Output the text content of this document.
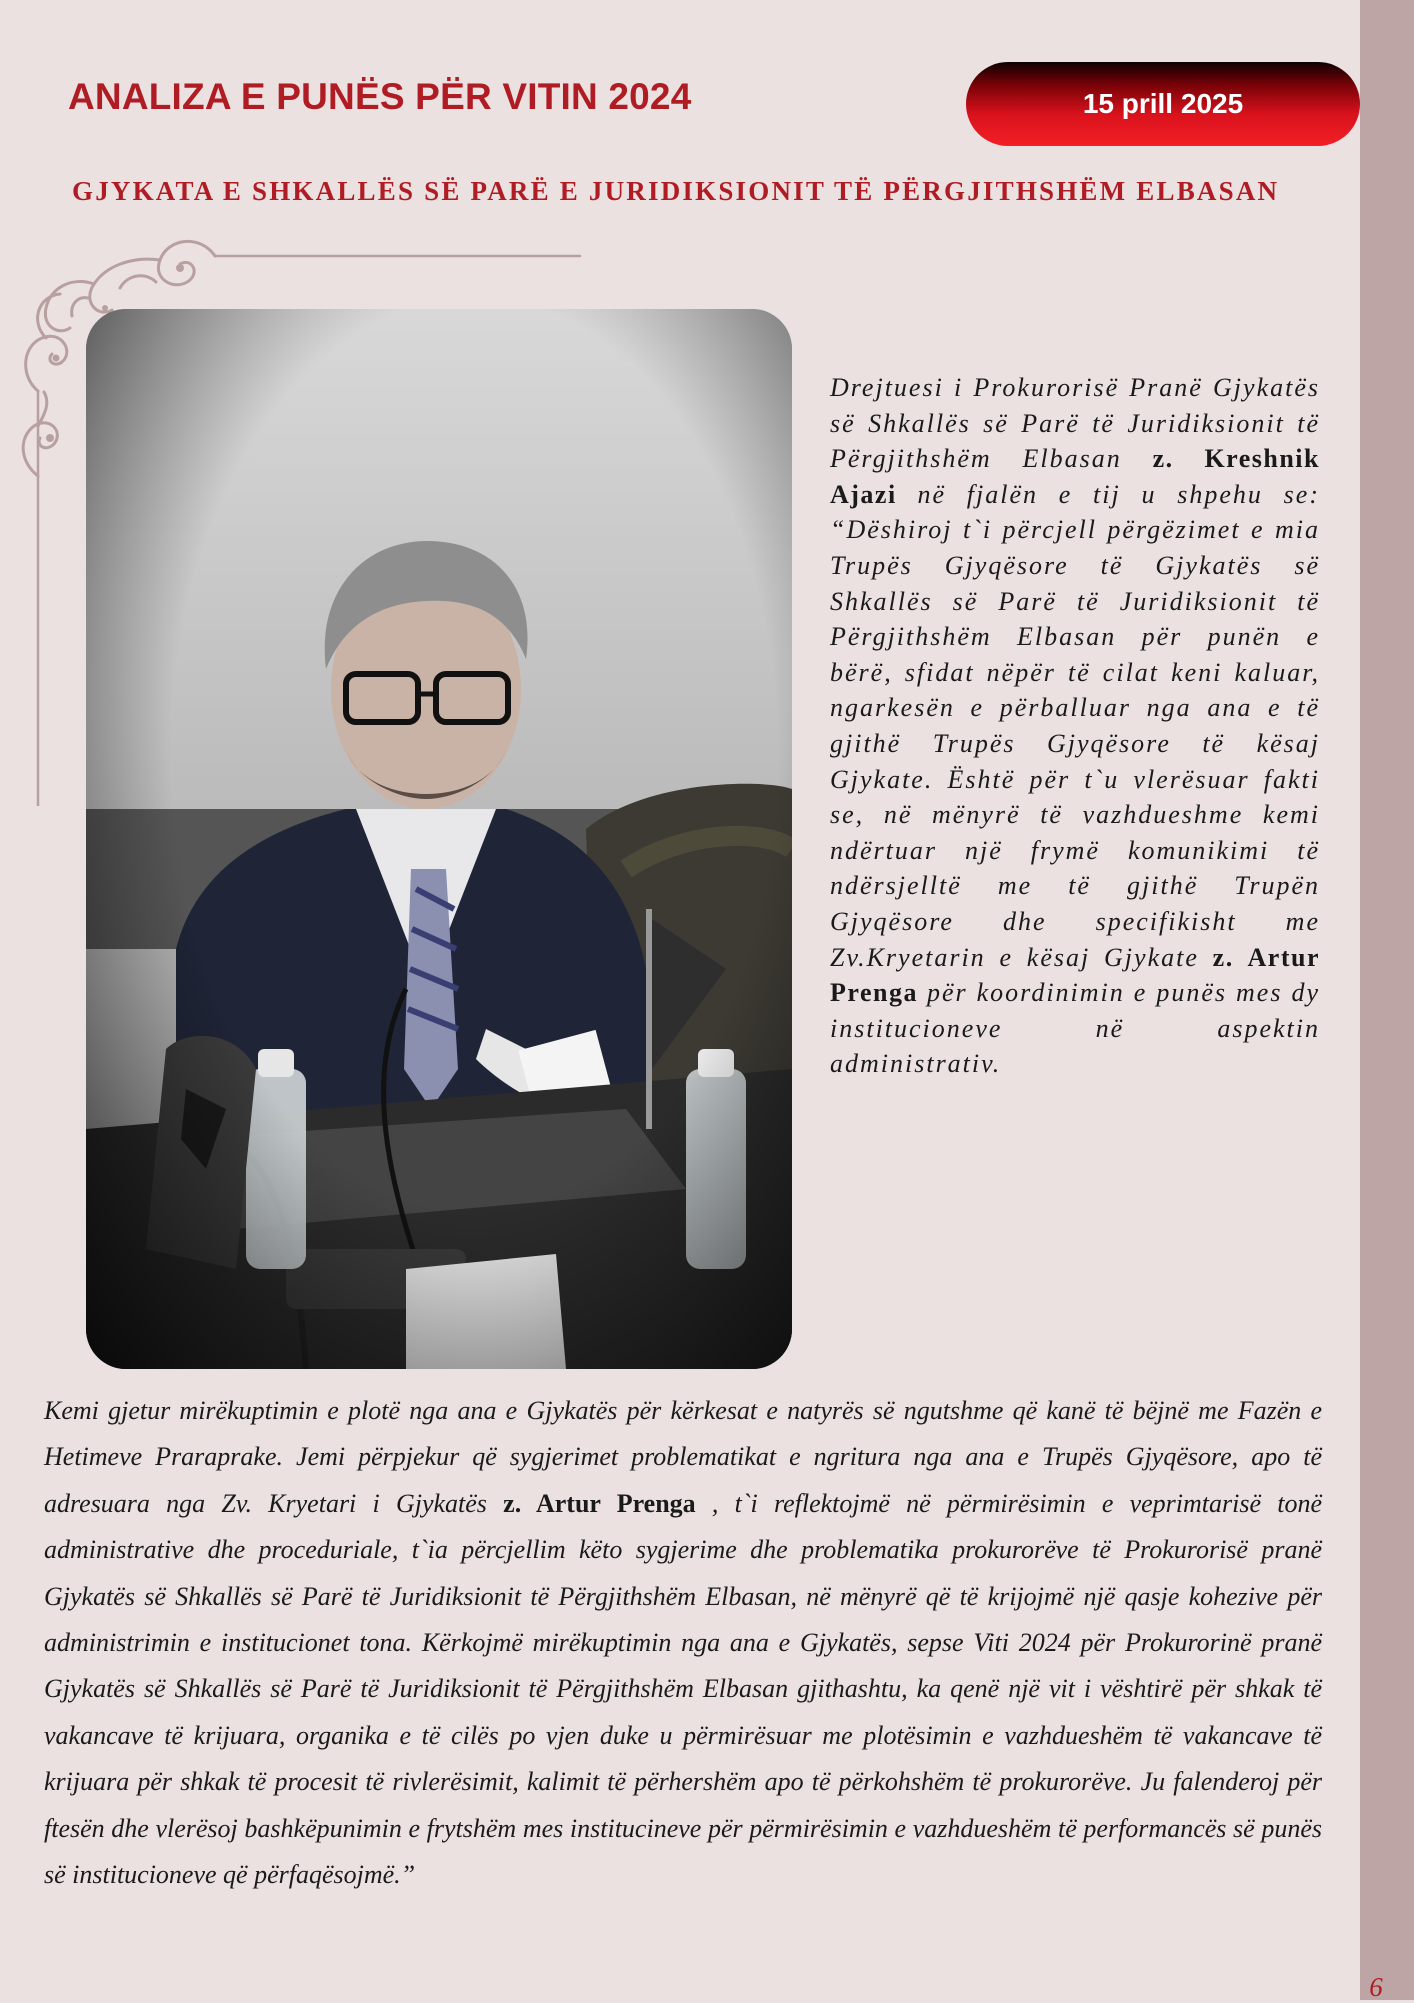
ANALIZA E PUNËS PËR VITIN 2024	15 prill 2025
GJYKATA E SHKALLËS SË PARË E JURIDIKSIONIT TË PËRGJITHSHËM ELBASAN

Drejtuesi i Prokurorisë Pranë Gjykatës së Shkallës së Parë të Juridiksionit të Përgjithshëm Elbasan z. Kreshnik Ajazi në fjalën e tij u shpehu se: “Dëshiroj t`i përcjell përgëzimet e mia Trupës Gjyqësore të Gjykatës së Shkallës së Parë të Juridiksionit të Përgjithshëm Elbasan për punën e bërë, sfidat nëpër të cilat keni kaluar, ngarkesën e përballuar nga ana e të gjithë Trupës Gjyqësore të kësaj Gjykate. Është për t`u vlerësuar fakti se, në mënyrë të vazhdueshme kemi ndërtuar një frymë komunikimi të ndërsjelltë me të gjithë Trupën Gjyqësore dhe specifikisht me Zv.Kryetarin e kësaj Gjykate z. Artur Prenga për koordinimin e punës mes dy institucioneve në aspektin administrativ.

Kemi gjetur mirëkuptimin e plotë nga ana e Gjykatës për kërkesat e natyrës së ngutshme që kanë të bëjnë me Fazën e Hetimeve Praraprake. Jemi përpjekur që sygjerimet problematikat e ngritura nga ana e Trupës Gjyqësore, apo të adresuara nga Zv. Kryetari i Gjykatës z. Artur Prenga , t`i reflektojmë në përmirësimin e veprimtarisë tonë administrative dhe proceduriale, t`ia përcjellim këto sygjerime dhe problematika prokurorëve të Prokurorisë pranë Gjykatës së Shkallës së Parë të Juridiksionit të Përgjithshëm Elbasan, në mënyrë që të krijojmë një qasje kohezive për administrimin e institucionet tona. Kërkojmë mirëkuptimin nga ana e Gjykatës, sepse Viti 2024 për Prokurorinë pranë Gjykatës së Shkallës së Parë të Juridiksionit të Përgjithshëm Elbasan gjithashtu, ka qenë një vit i vështirë për shkak të vakancave të krijuara, organika e të cilës po vjen duke u përmirësuar me plotësimin e vazhdueshëm të vakancave të krijuara për shkak të procesit të rivlerësimit, kalimit të përhershëm apo të përkohshëm të prokurorëve. Ju falenderoj për ftesën dhe vlerësoj bashkëpunimin e frytshëm mes institucineve për përmirësimin e vazhdueshëm të performancës së punës së institucioneve që përfaqësojmë.”

6
